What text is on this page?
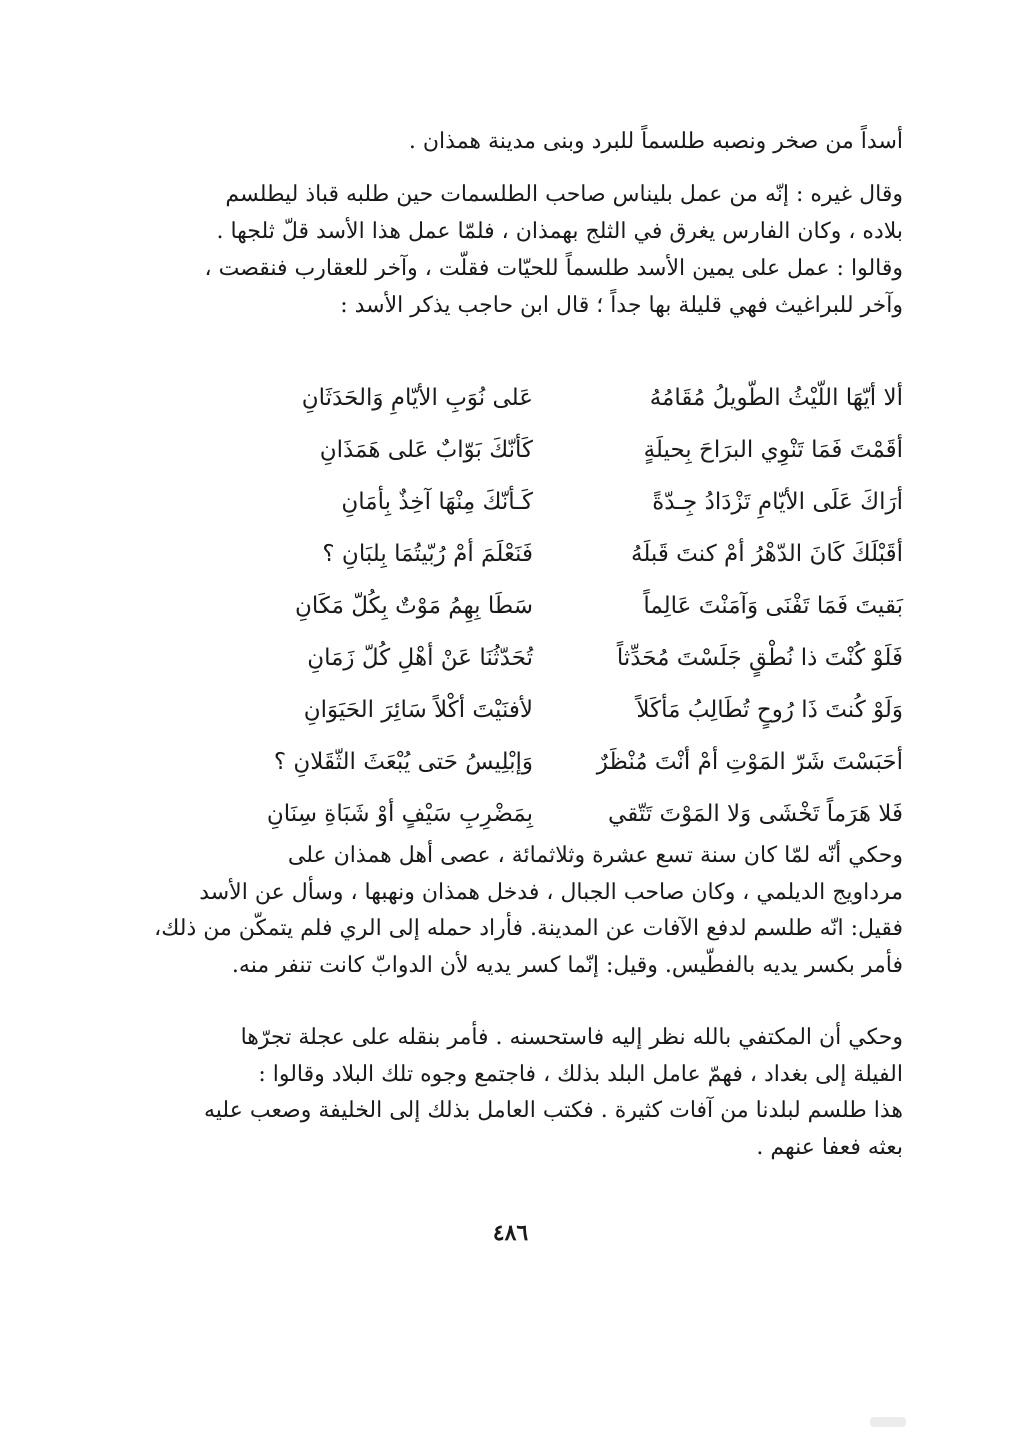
أسداً من صخر ونصبه طلسماً للبرد وبنى مدينة همذان .
وقال غيره : إنّه من عمل بليناس صاحب الطلسمات حين طلبه قباذ ليطلسم
بلاده ، وكان الفارس يغرق في الثلج بهمذان ، فلمّا عمل هذا الأسد قلّ ثلجها .
وقالوا : عمل على يمين الأسد طلسماً للحيّات فقلّت ، وآخر للعقارب فنقصت ،
وآخر للبراغيث فهي قليلة بها جداً ؛ قال ابن حاجب يذكر الأسد :
ألا أيّهَا اللّيْثُ الطّويلُ مُقَامُهُ
عَلى نُوَبِ الأيّامِ وَالحَدَثَانِ
أقَمْتَ فَمَا تَنْوِي البرَاحَ بِحيلَةٍ
كَأنّكَ بَوّابٌ عَلى هَمَذَانِ
أرَاكَ عَلَى الأيّامِ تَزْدَادُ جِـدّةً
كَـأنّكَ مِنْهَا آخِذٌ بِأمَانِ
أقَبْلَكَ كَانَ الدّهْرُ أمْ كنتَ قَبلَهُ
فَنَعْلَمَ أمْ رُبّيتُمَا بِلبَانِ ؟
بَقيتَ فَمَا تَفْنَى وَآمَنْتَ عَالِماً
سَطَا بِهِمُ مَوْتٌ بِكُلّ مَكَانِ
فَلَوْ كُنْتَ ذا نُطْقٍ جَلَسْتَ مُحَدِّثاً
تُحَدّثُنَا عَنْ أهْلِ كُلّ زَمَانِ
وَلَوْ كُنتَ ذَا رُوحٍ تُطَالِبُ مَأكَلاً
لأفنَيْتَ أكْلاً سَائِرَ الحَيَوَانِ
أحَبَسْتَ شَرّ المَوْتِ أمْ أنْتَ مُنْظَرٌ
وَإبْلِيسُ حَتى يُبْعَثَ الثّقَلانِ ؟
فَلا هَرَماً تَخْشَى وَلا المَوْتَ تَتّقي
بِمَضْرِبِ سَيْفٍ أوْ شَبَاةِ سِنَانِ
وحكي أنّه لمّا كان سنة تسع عشرة وثلاثمائة ، عصى أهل همذان على
مرداويج الديلمي ، وكان صاحب الجبال ، فدخل همذان ونهبها ، وسأل عن الأسد
فقيل: انّه طلسم لدفع الآفات عن المدينة. فأراد حمله إلى الري فلم يتمكّن من ذلك،
فأمر بكسر يديه بالفطّيس. وقيل: إنّما كسر يديه لأن الدوابّ كانت تنفر منه.
وحكي أن المكتفي بالله نظر إليه فاستحسنه . فأمر بنقله على عجلة تجرّها
الفيلة إلى بغداد ، فهمّ عامل البلد بذلك ، فاجتمع وجوه تلك البلاد وقالوا :
هذا طلسم لبلدنا من آفات كثيرة . فكتب العامل بذلك إلى الخليفة وصعب عليه
بعثه فعفا عنهم .
٤٨٦
